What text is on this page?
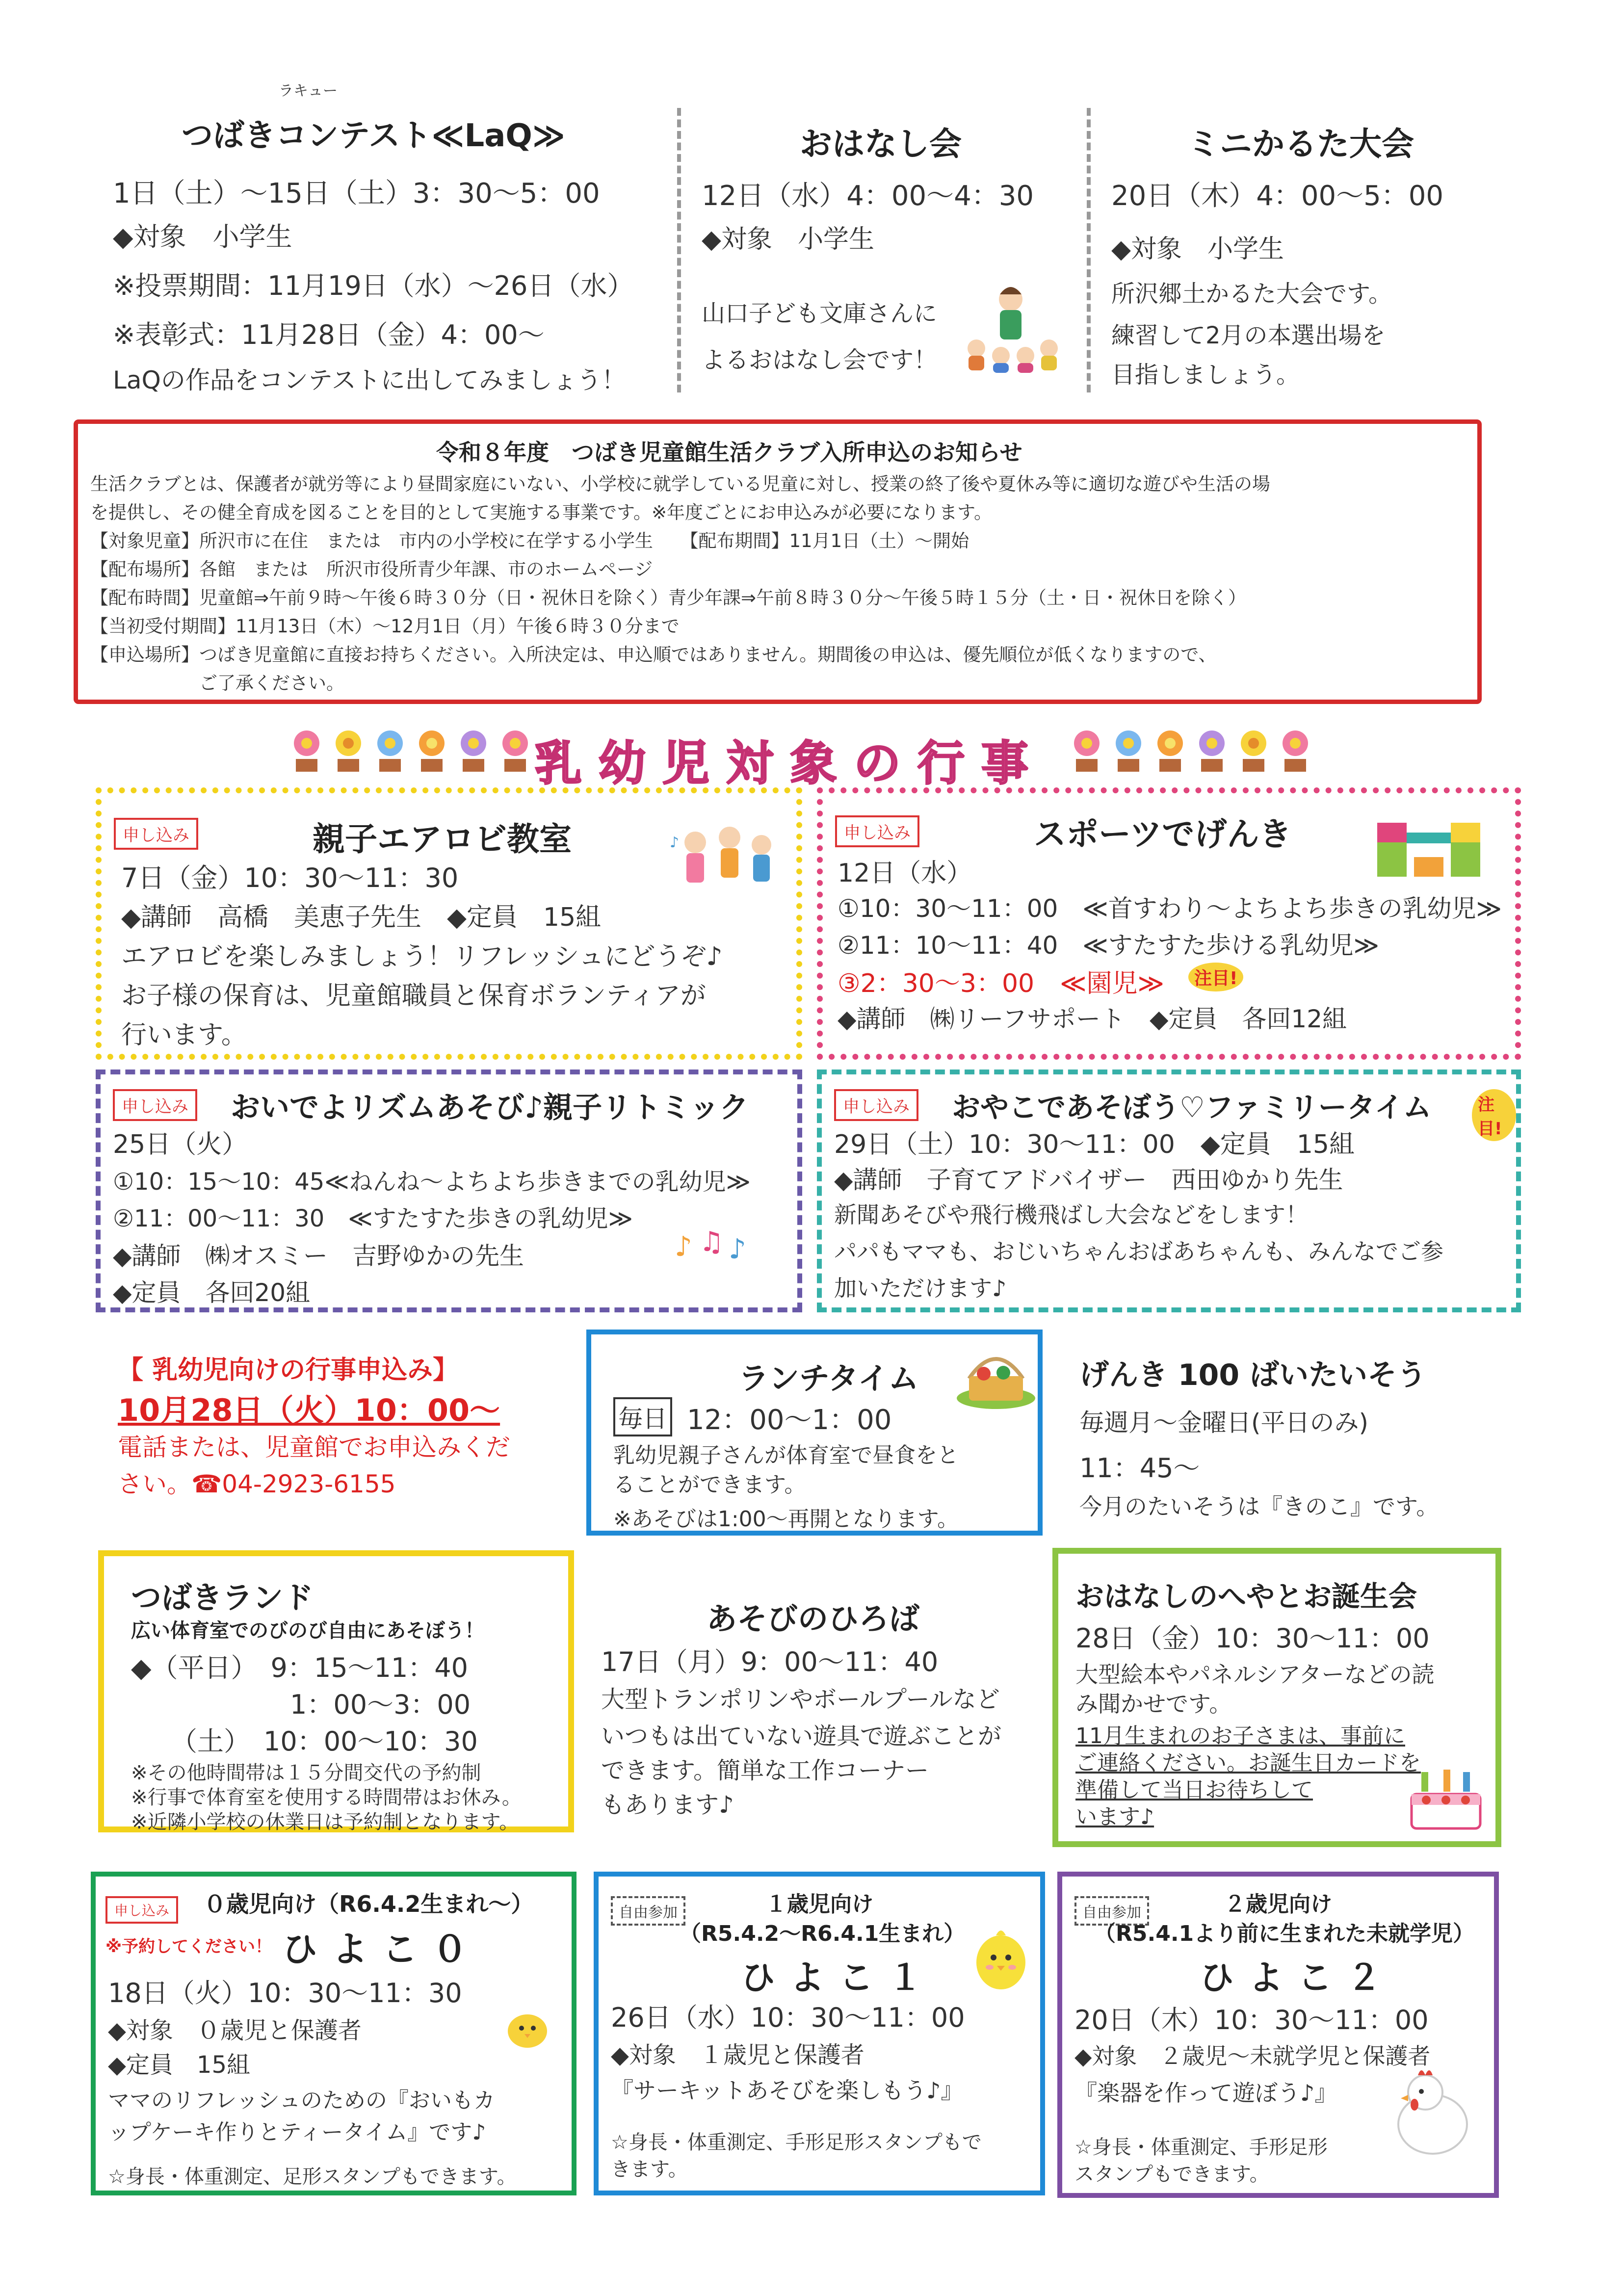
ラキュー
つばきコンテスト≪LaQ≫
1日（土）〜15日（土）3：30〜5：00
◆対象　小学生
※投票期間：11月19日（水）〜26日（水）
※表彰式：11月28日（金）4：00〜
LaQの作品をコンテストに出してみましょう！
おはなし会
12日（水）4：00〜4：30
◆対象　小学生
山口子ども文庫さんに
よるおはなし会です！
ミニかるた大会
20日（木）4：00〜5：00
◆対象　小学生
所沢郷土かるた大会です。
練習して2月の本選出場を
目指しましょう。
令和８年度　つばき児童館生活クラブ入所申込のお知らせ
生活クラブとは、保護者が就労等により昼間家庭にいない、小学校に就学している児童に対し、授業の終了後や夏休み等に適切な遊びや生活の場
を提供し、その健全育成を図ることを目的として実施する事業です。※年度ごとにお申込みが必要になります。
【対象児童】所沢市に在住　または　市内の小学校に在学する小学生　　【配布期間】11月1日（土）〜開始
【配布場所】各館　または　所沢市役所青少年課、市のホームページ
【配布時間】児童館⇒午前９時〜午後６時３０分（日・祝休日を除く）青少年課⇒午前８時３０分〜午後５時１５分（土・日・祝休日を除く）
【当初受付期間】11月13日（木）〜12月1日（月）午後６時３０分まで
【申込場所】つばき児童館に直接お持ちください。入所決定は、申込順ではありません。期間後の申込は、優先順位が低くなりますので、
　　　　　　ご了承ください。
乳幼児対象の行事
申し込み	親子エアロビ教室
7日（金）10：30〜11：30
◆講師　高橋　美恵子先生　◆定員　15組
エアロビを楽しみましょう！リフレッシュにどうぞ♪
お子様の保育は、児童館職員と保育ボランティアが
行います。
♪	申し込み	スポーツでげんき
12日（水）
①10：30〜11：00　≪首すわり〜よちよち歩きの乳幼児≫
②11：10〜11：40　≪すたすた歩ける乳幼児≫
③2：30〜3：00　≪園児≫	注目!
◆講師　㈱リーフサポート　◆定員　各回12組
申し込み	おいでよリズムあそび♪親子リトミック
25日（火）
①10：15〜10：45≪ねんね〜よちよち歩きまでの乳幼児≫
②11：00〜11：30　≪すたすた歩きの乳幼児≫
◆講師　㈱オスミー　吉野ゆかの先生
◆定員　各回20組
♪ ♫ ♪
申し込み	おやこであそぼう♡ファミリータイム	注目!
29日（土）10：30〜11：00　◆定員　15組
◆講師　子育てアドバイザー　西田ゆかり先生
新聞あそびや飛行機飛ばし大会などをします！
パパもママも、おじいちゃんおばあちゃんも、みんなでご参
加いただけます♪
【 乳幼児向けの行事申込み】
10月28日（火）10：00〜
電話または、児童館でお申込みくだ
さい。☎04-2923-6155
ランチタイム
毎日 12：00〜1：00
乳幼児親子さんが体育室で昼食をと
ることができます。
※あそびは1:00〜再開となります。
げんき 100 ばいたいそう
毎週月〜金曜日(平日のみ)
11：45〜
今月のたいそうは『きのこ』です。
つばきランド
広い体育室でのびのび自由にあそぼう！
◆（平日）　9：15〜11：40
　　　　　　1：00〜3：00
　　（土）　10：00〜10：30
※その他時間帯は１５分間交代の予約制
※行事で体育室を使用する時間帯はお休み。
※近隣小学校の休業日は予約制となります。
あそびのひろば
17日（月）9：00〜11：40
大型トランポリンやボールプールなど
いつもは出ていない遊具で遊ぶことが
できます。簡単な工作コーナー
もあります♪
おはなしのへやとお誕生会
28日（金）10：30〜11：00
大型絵本やパネルシアターなどの読
み聞かせです。
11月生まれのお子さまは、事前に
ご連絡ください。お誕生日カードを
準備して当日お待ちして
います♪
申し込み	０歳児向け（R6.4.2生まれ〜）
※予約してください！ ひよこ０
18日（火）10：30〜11：30
◆対象　０歳児と保護者
◆定員　15組
ママのリフレッシュのための『おいもカ
ップケーキ作りとティータイム』です♪
☆身長・体重測定、足形スタンプもできます。
自由参加	１歳児向け
（R5.4.2〜R6.4.1生まれ）
ひよこ１
26日（水）10：30〜11：00
◆対象　１歳児と保護者
『サーキットあそびを楽しもう♪』
☆身長・体重測定、手形足形スタンプもで
きます。
自由参加	２歳児向け
（R5.4.1より前に生まれた未就学児）
ひよこ２
20日（木）10：30〜11：00
◆対象　２歳児〜未就学児と保護者
『楽器を作って遊ぼう♪』
☆身長・体重測定、手形足形
スタンプもできます。
